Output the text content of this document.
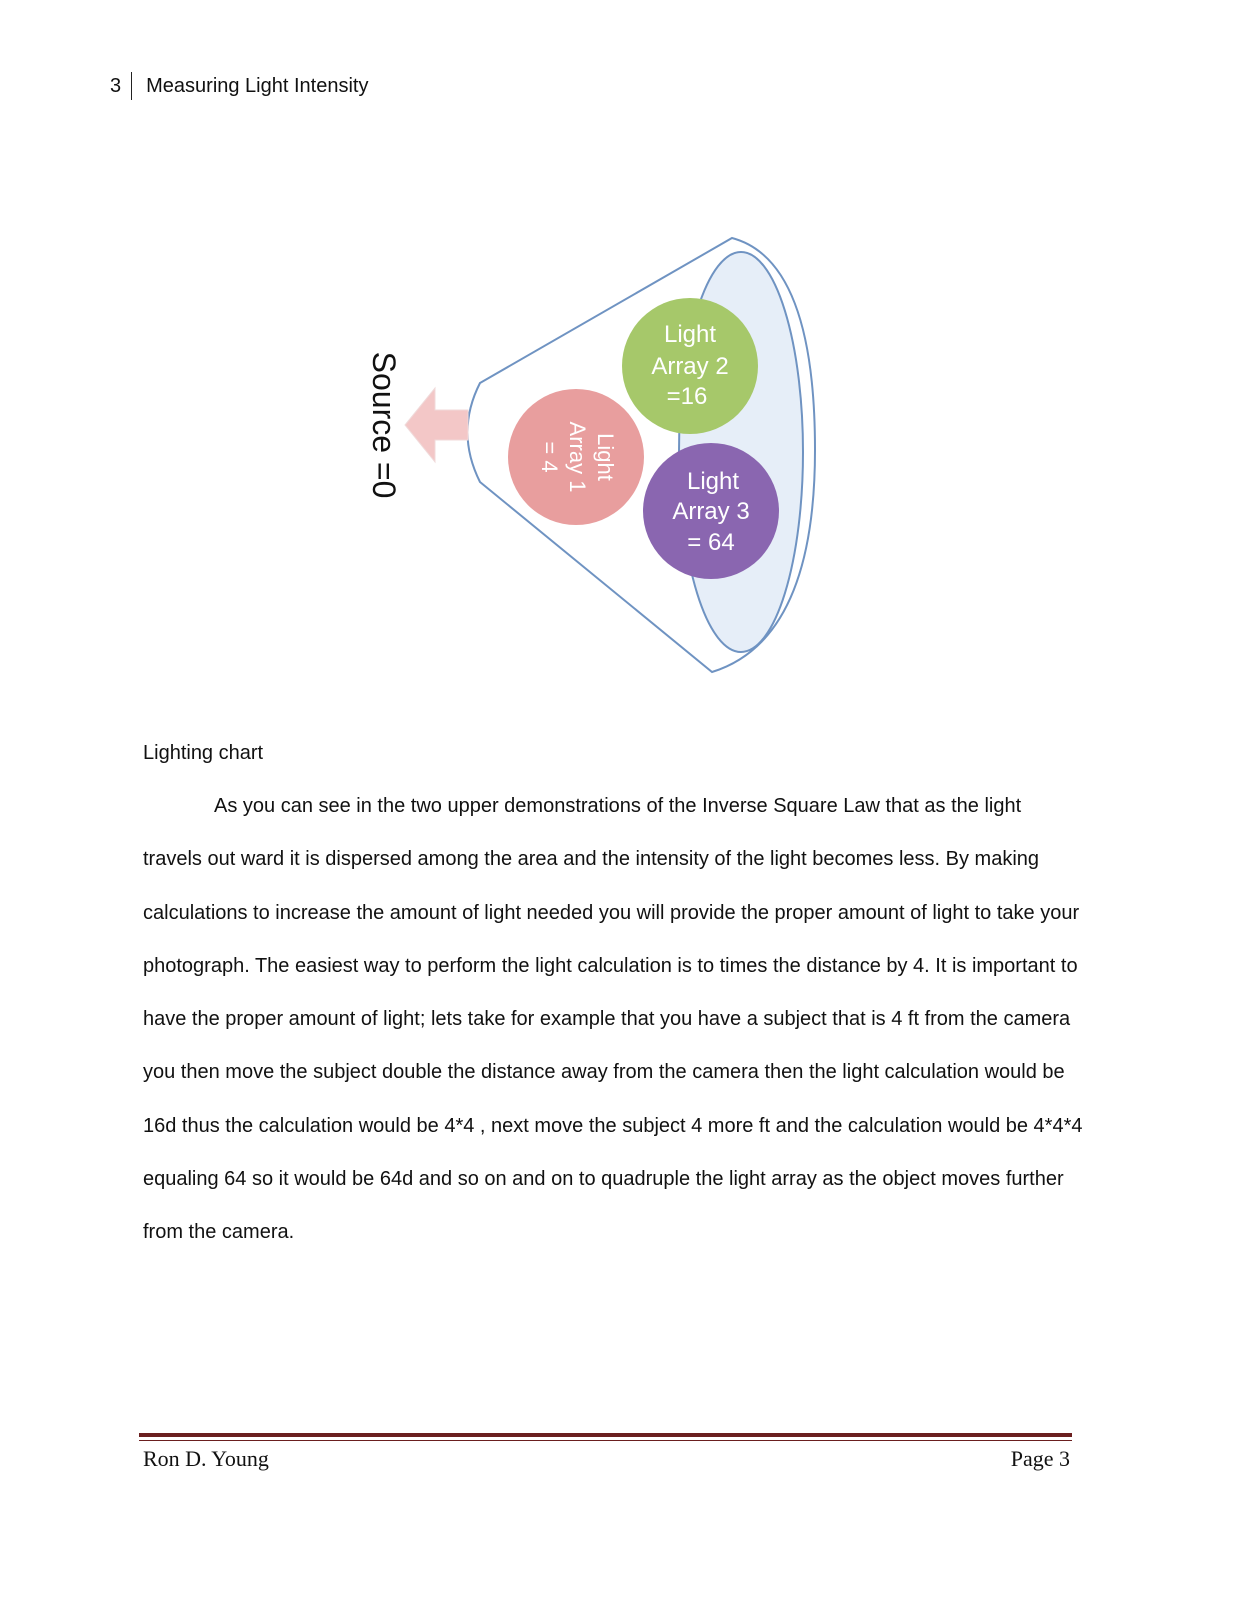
3	Measuring Light Intensity
Light
Array 1
= 4
Light
Array 2
=16
Light
Array 3
= 64
Source =0
Lighting chart

As you can see in the two upper demonstrations of the Inverse Square Law that as the light travels out ward it is dispersed among the area and the intensity of the light becomes less. By making calculations to increase the amount of light needed you will provide the proper amount of light to take your photograph. The easiest way to perform the light calculation is to times the distance by 4. It is important to have the proper amount of light; lets take for example that you have a subject that is 4 ft from the camera you then move the subject double the distance away from the camera then the light calculation would be 16d thus the calculation would be 4*4 , next move the subject 4 more ft and the calculation would be 4*4*4 equaling 64 so it would be 64d and so on and on to quadruple the light array as the object moves further from the camera.

Ron D. Young	Page 3
